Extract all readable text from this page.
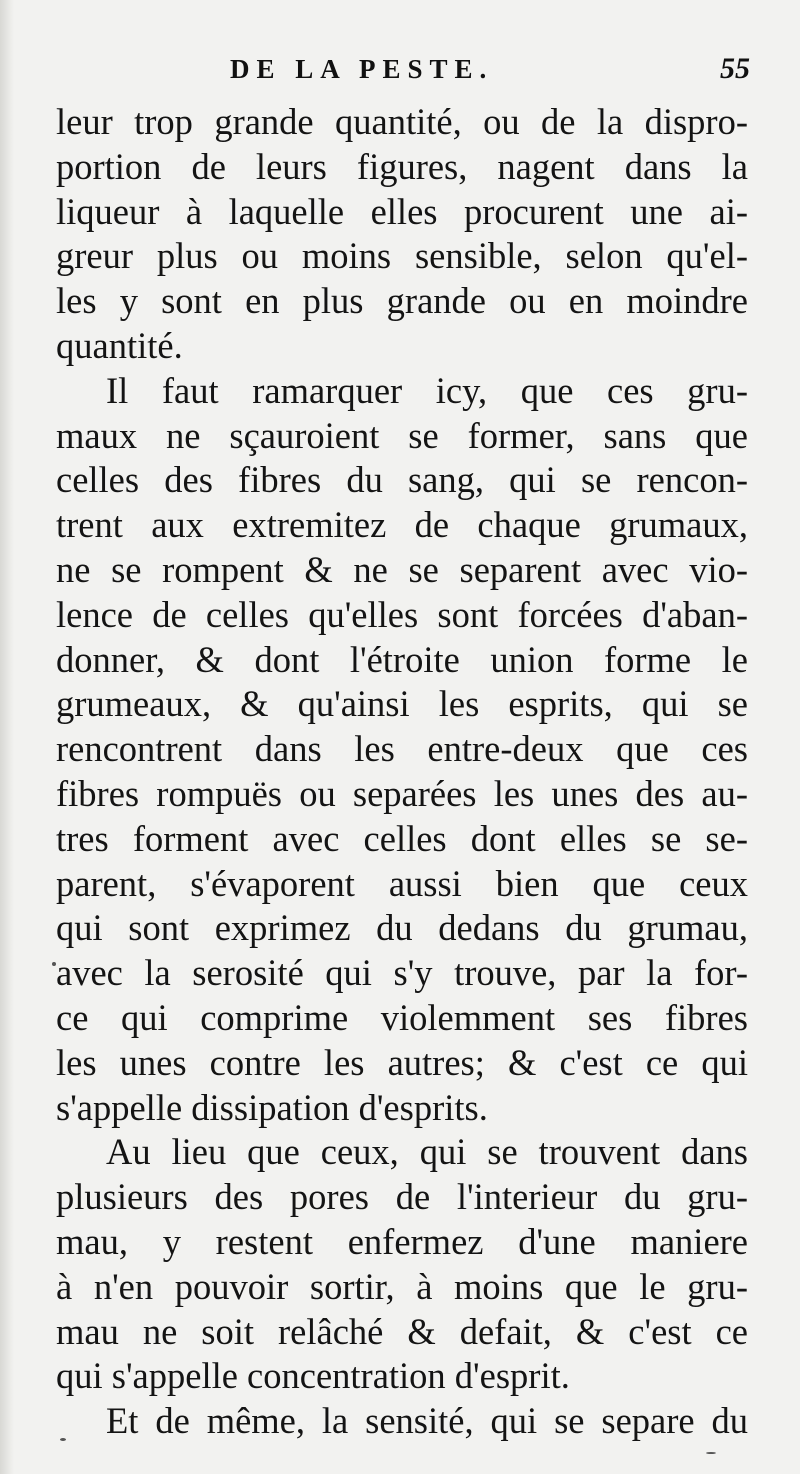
DE LA PESTE.	55
leur trop grande quantité, ou de la dispro-
portion de leurs figures, nagent dans la
liqueur à laquelle elles procurent une ai-
greur plus ou moins sensible, selon qu'el-
les y sont en plus grande ou en moindre
quantité.
Il faut ramarquer icy, que ces gru-
maux ne sçauroient se former, sans que
celles des fibres du sang, qui se rencon-
trent aux extremitez de chaque grumaux,
ne se rompent & ne se separent avec vio-
lence de celles qu'elles sont forcées d'aban-
donner, & dont l'étroite union forme le
grumeaux, & qu'ainsi les esprits, qui se
rencontrent dans les entre-deux que ces
fibres rompuës ou separées les unes des au-
tres forment avec celles dont elles se se-
parent, s'évaporent aussi bien que ceux
qui sont exprimez du dedans du grumau,
avec la serosité qui s'y trouve, par la for-
ce qui comprime violemment ses fibres
les unes contre les autres; & c'est ce qui
s'appelle dissipation d'esprits.
Au lieu que ceux, qui se trouvent dans
plusieurs des pores de l'interieur du gru-
mau, y restent enfermez d'une maniere
à n'en pouvoir sortir, à moins que le gru-
mau ne soit relâché & defait, & c'est ce
qui s'appelle concentration d'esprit.
Et de même, la sensité, qui se separe du
